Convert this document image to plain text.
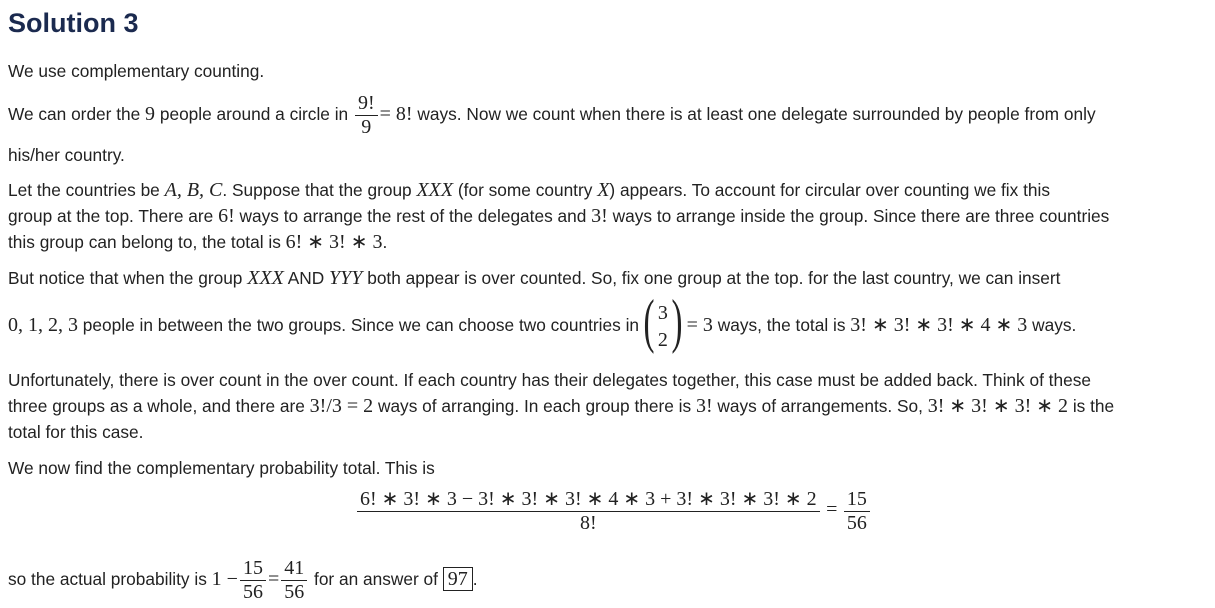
Solution 3

We use complementary counting.

We can order the 9 people around a circle in $\frac{9!}{9} = 8$! ways. Now we count when there is at least one delegate surrounded by people from only

his/her country.

Let the countries be A, B, C. Suppose that the group XXX (for some country X) appears. To account for circular over counting we fix this
group at the top. There are 6! ways to arrange the rest of the delegates and 3! ways to arrange inside the group. Since there are three countries
this group can belong to, the total is 6! ∗ 3! ∗ 3.
But notice that when the group XXX AND YYY both appear is over counted. So, fix one group at the top. for the last country, we can insert
0, 1, 2, 3 people in between the two groups. Since we can choose two countries in ( 3
2 ) = 3 ways, the total is 3! ∗ 3! ∗ 3! ∗ 4 ∗ 3 ways.
Unfortunately, there is over count in the over count. If each country has their delegates together, this case must be added back. Think of these
three groups as a whole, and there are 3!/3 = 2 ways of arranging. In each group there is 3! ways of arrangements. So, 3! ∗ 3! ∗ 3! ∗ 2 is the
total for this case.

We now find the complementary probability total. This is

$\frac{6! ∗ 3! ∗ 3 - 3! ∗ 3! ∗ 3! ∗ 4 ∗ 3 + 3! ∗ 3! ∗ 3! ∗ 2}{8!} = \frac{15}{56}$
so the actual probability is $1 - \frac{15}{56} = \frac{41}{56}$ for an answer of 97 .
